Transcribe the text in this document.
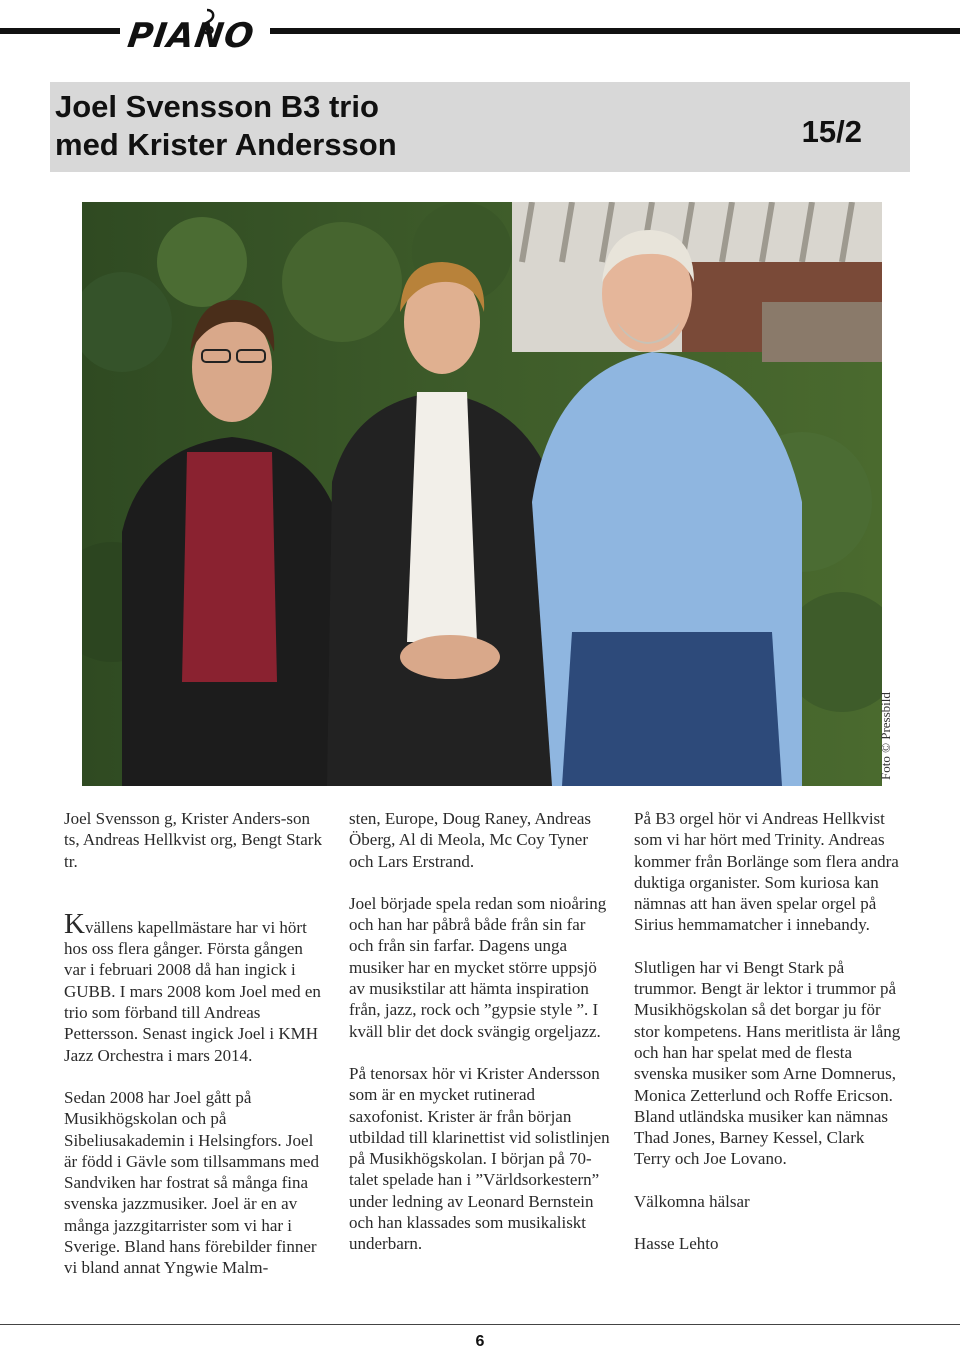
PIANO
Joel Svensson B3 trio
med Krister Andersson	15/2
Foto © Pressbild

Joel Svensson g, Krister Anders-son ts, Andreas Hellkvist org, Bengt Stark tr.

Kvällens kapellmästare har vi hört hos oss flera gånger. Första gången var i februari 2008 då han ingick i GUBB. I mars 2008 kom Joel med en trio som förband till Andreas Pettersson. Senast ingick Joel i KMH Jazz Orchestra i mars 2014.

Sedan 2008 har Joel gått på Musikhögskolan och på Sibeliusakademin i Helsingfors. Joel är född i Gävle som tillsammans med Sandviken har fostrat så många fina svenska jazzmusiker. Joel är en av många jazzgitarrister som vi har i Sverige. Bland hans förebilder finner vi bland annat Yngwie Malm-

sten, Europe, Doug Raney, Andreas Öberg, Al di Meola, Mc Coy Tyner och Lars Erstrand.

Joel började spela redan som nioåring och han har påbrå både från sin far och från sin farfar. Dagens unga musiker har en mycket större uppsjö av musikstilar att hämta inspiration från, jazz, rock och ”gypsie style ”. I kväll blir det dock svängig orgeljazz.

På tenorsax hör vi Krister Andersson som är en mycket rutinerad saxofonist. Krister är från början utbildad till klarinettist vid solistlinjen på Musikhögskolan. I början på 70-talet spelade han i ”Världsorkestern” under ledning av Leonard Bernstein och han klassades som musikaliskt underbarn.

På B3 orgel hör vi Andreas Hellkvist som vi har hört med Trinity. Andreas kommer från Borlänge som flera andra duktiga organister. Som kuriosa kan nämnas att han även spelar orgel på Sirius hemmamatcher i innebandy.

Slutligen har vi Bengt Stark på trummor. Bengt är lektor i trummor på Musikhögskolan så det borgar ju för stor kompetens. Hans meritlista är lång och han har spelat med de flesta svenska musiker som Arne Domnerus, Monica Zetterlund och Roffe Ericson. Bland utländska musiker kan nämnas Thad Jones, Barney Kessel, Clark Terry och Joe Lovano.

Välkomna hälsar

Hasse Lehto

6
